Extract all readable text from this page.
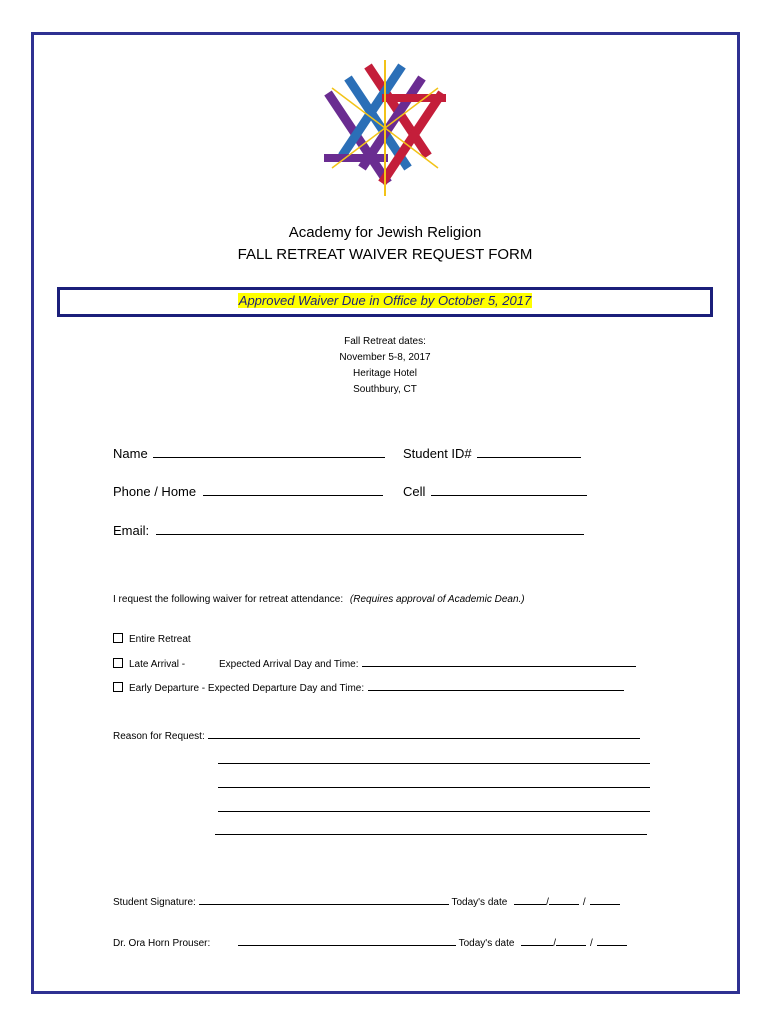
Academy for Jewish Religion
FALL RETREAT WAIVER REQUEST FORM
Approved Waiver Due in Office by October 5, 2017
Fall Retreat dates:
November 5-8, 2017
Heritage Hotel
Southbury, CT
Name	Student ID#
Phone / Home	Cell
Email:
I request the following waiver for retreat attendance: (Requires approval of Academic Dean.)
Entire Retreat
Late Arrival -	Expected Arrival Day and Time:
Early Departure - Expected Departure Day and Time:
Reason for Request:
Student Signature:	Today's date	/	/
Dr. Ora Horn Prouser:	Today's date	/	/
